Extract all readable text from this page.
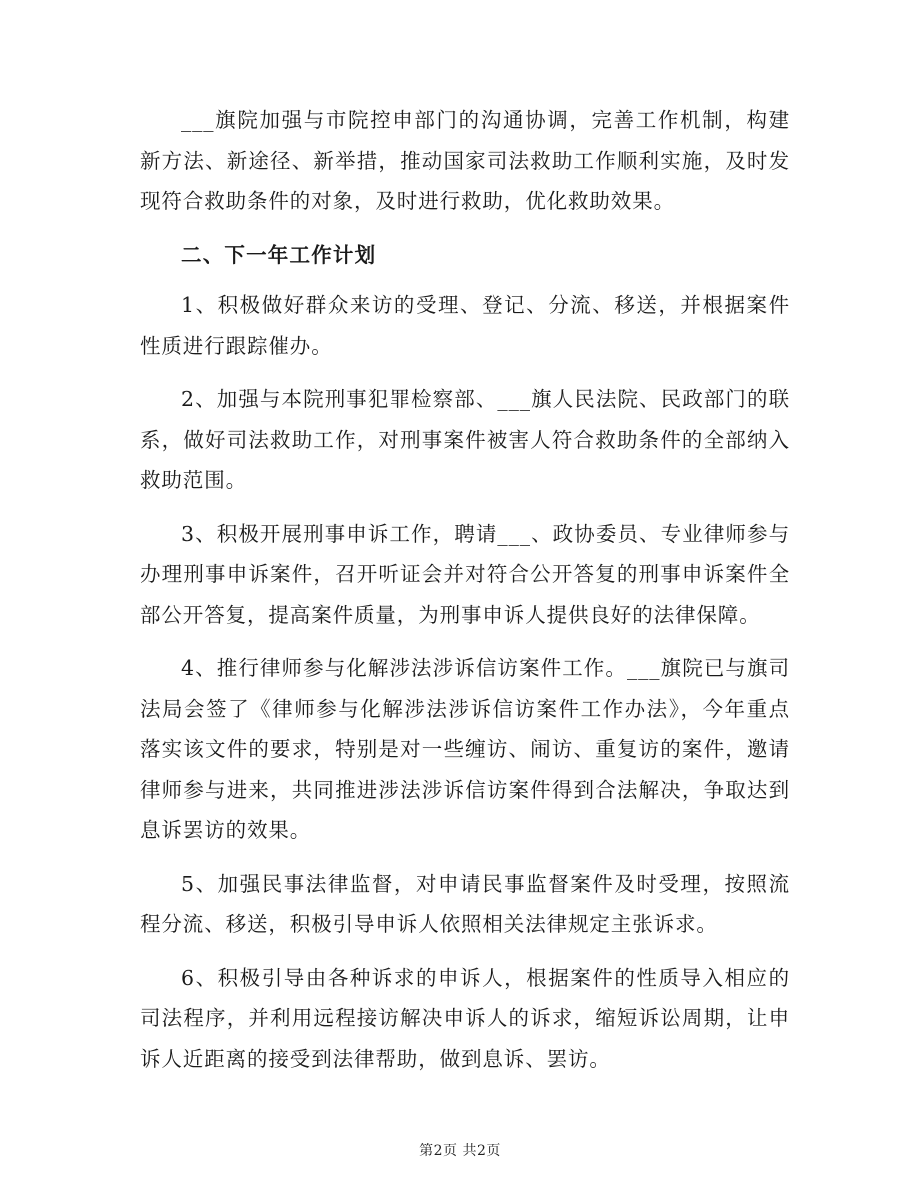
___旗院加强与市院控申部门的沟通协调，完善工作机制，构建新方法、新途径、新举措，推动国家司法救助工作顺利实施，及时发现符合救助条件的对象，及时进行救助，优化救助效果。

二、下一年工作计划

1、积极做好群众来访的受理、登记、分流、移送，并根据案件性质进行跟踪催办。

2、加强与本院刑事犯罪检察部、___旗人民法院、民政部门的联系，做好司法救助工作，对刑事案件被害人符合救助条件的全部纳入救助范围。

3、积极开展刑事申诉工作，聘请___、政协委员、专业律师参与办理刑事申诉案件，召开听证会并对符合公开答复的刑事申诉案件全部公开答复，提高案件质量，为刑事申诉人提供良好的法律保障。

4、推行律师参与化解涉法涉诉信访案件工作。___旗院已与旗司法局会签了《律师参与化解涉法涉诉信访案件工作办法》，今年重点落实该文件的要求，特别是对一些缠访、闹访、重复访的案件，邀请律师参与进来，共同推进涉法涉诉信访案件得到合法解决，争取达到息诉罢访的效果。

5、加强民事法律监督，对申请民事监督案件及时受理，按照流程分流、移送，积极引导申诉人依照相关法律规定主张诉求。

6、积极引导由各种诉求的申诉人，根据案件的性质导入相应的司法程序，并利用远程接访解决申诉人的诉求，缩短诉讼周期，让申诉人近距离的接受到法律帮助，做到息诉、罢访。

第2页 共2页
